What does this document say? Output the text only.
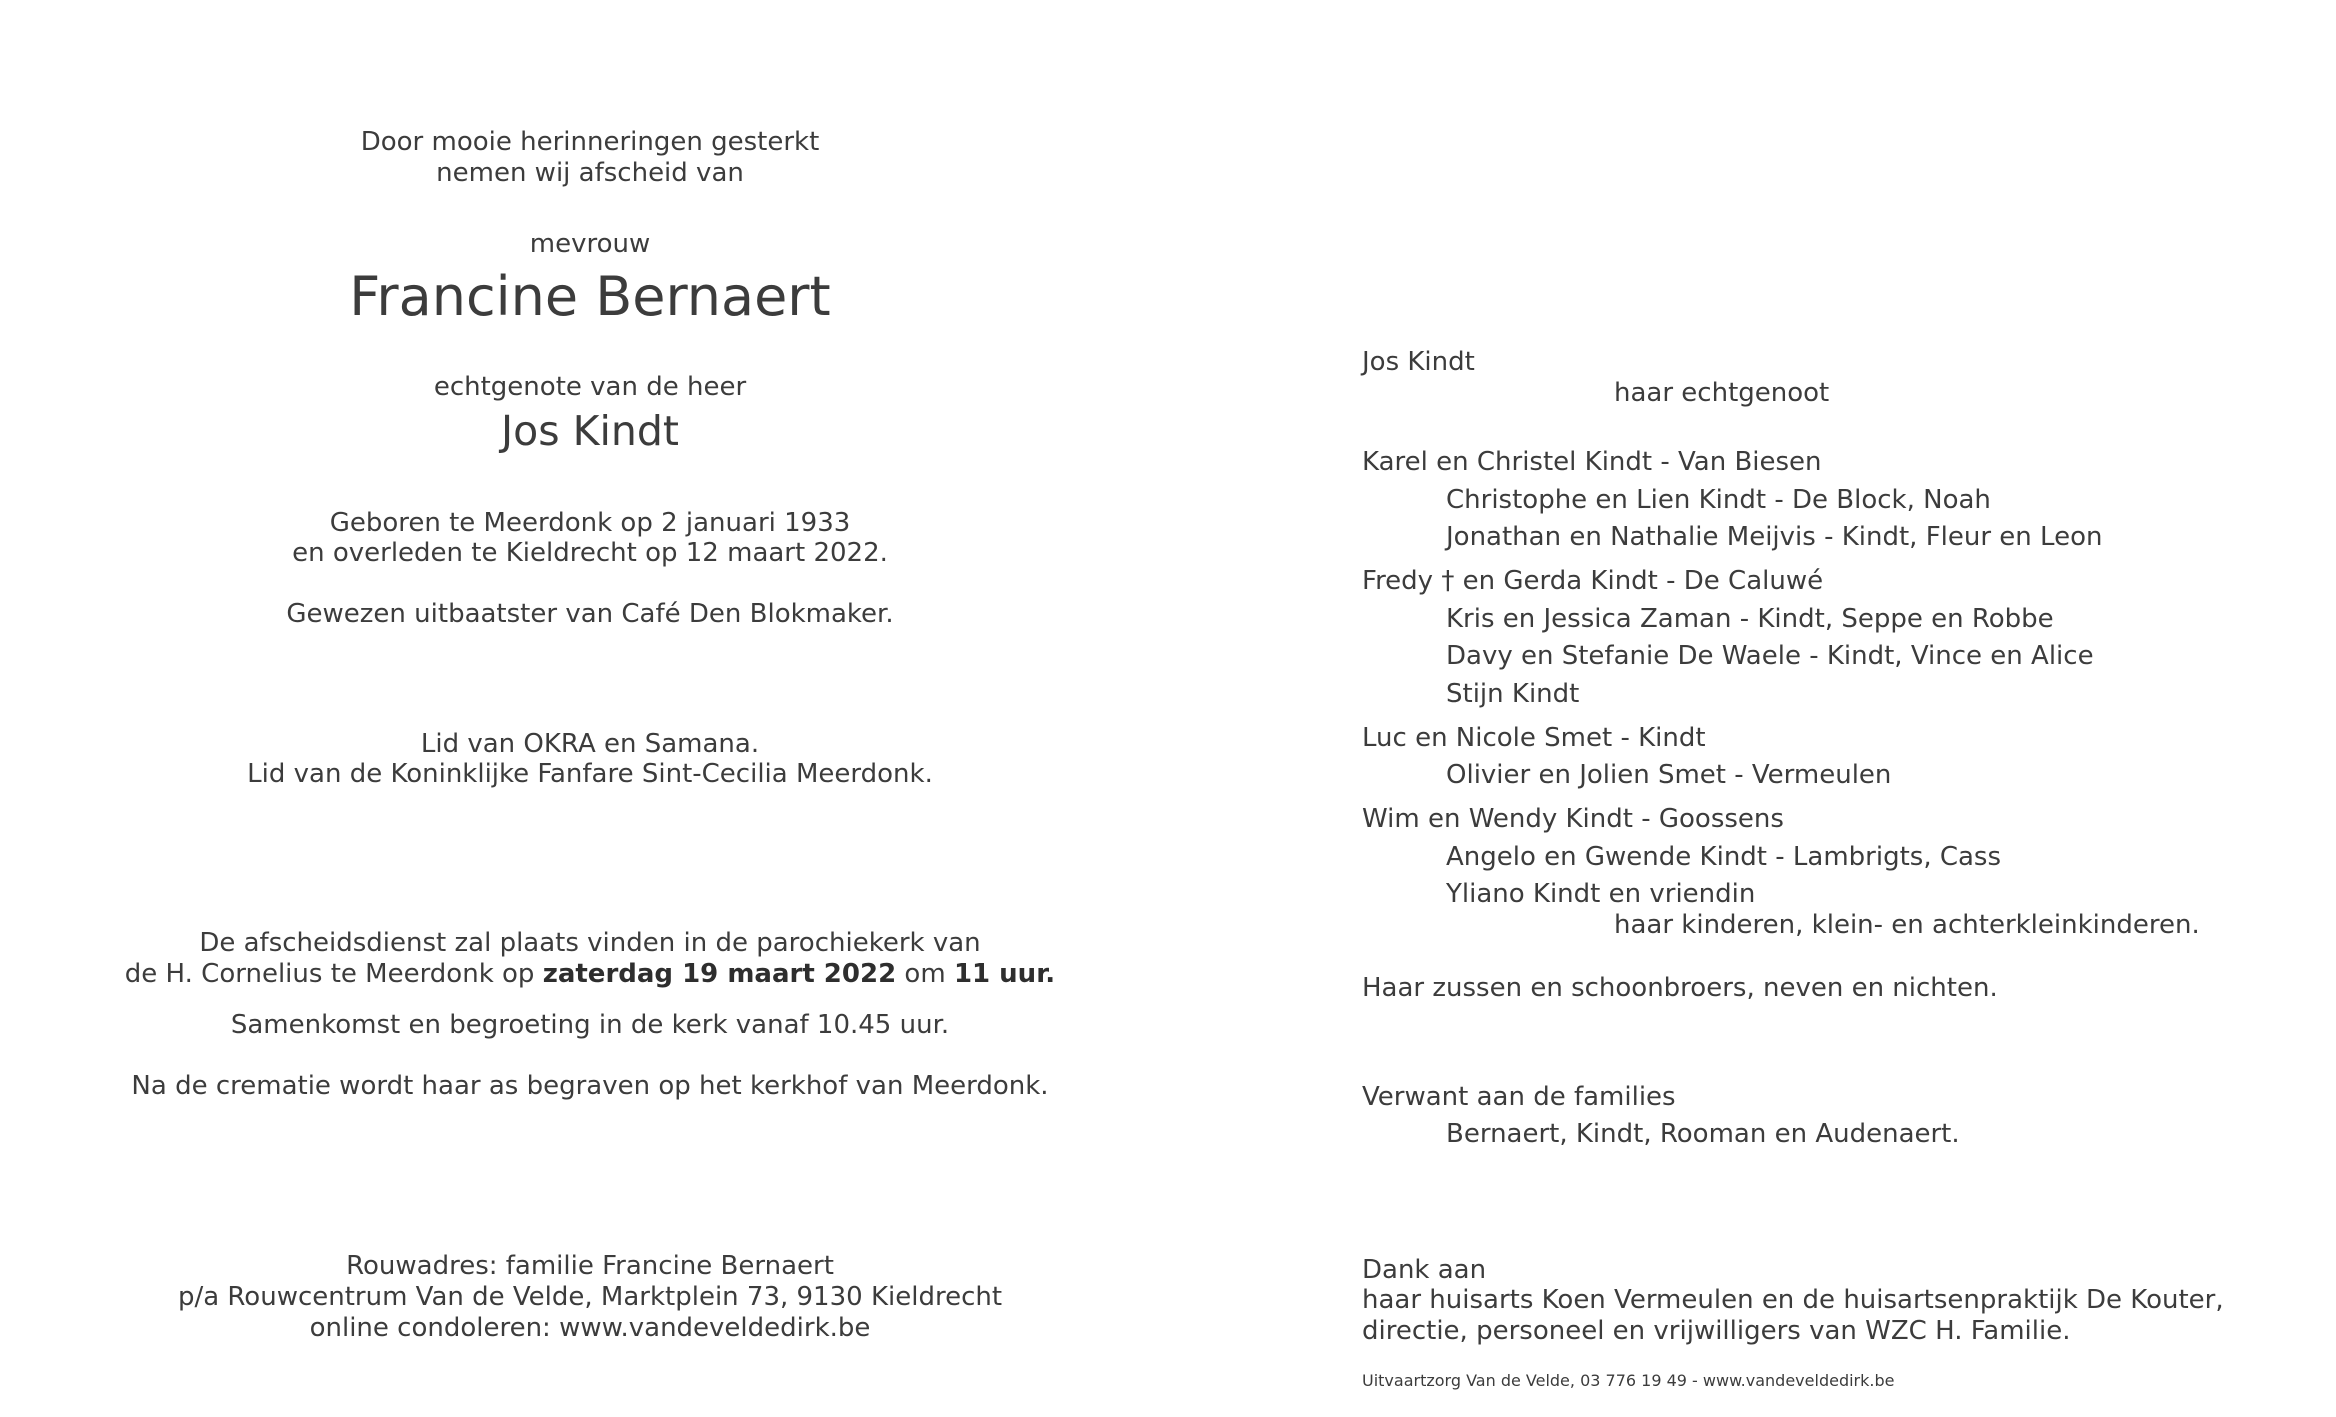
Door mooie herinneringen gesterkt
nemen wij afscheid van
mevrouw
Francine Bernaert
echtgenote van de heer
Jos Kindt
Geboren te Meerdonk op 2 januari 1933
en overleden te Kieldrecht op 12 maart 2022.
Gewezen uitbaatster van Café Den Blokmaker.
Lid van OKRA en Samana.
Lid van de Koninklijke Fanfare Sint-Cecilia Meerdonk.
De afscheidsdienst zal plaats vinden in de parochiekerk van
de H. Cornelius te Meerdonk op zaterdag 19 maart 2022 om 11 uur.
Samenkomst en begroeting in de kerk vanaf 10.45 uur.
Na de crematie wordt haar as begraven op het kerkhof van Meerdonk.
Rouwadres: familie Francine Bernaert
p/a Rouwcentrum Van de Velde, Marktplein 73, 9130 Kieldrecht
online condoleren: www.vandeveldedirk.be
Jos Kindt
haar echtgenoot
Karel en Christel Kindt - Van Biesen
Christophe en Lien Kindt - De Block, Noah
Jonathan en Nathalie Meijvis - Kindt, Fleur en Leon
Fredy † en Gerda Kindt - De Caluwé
Kris en Jessica Zaman - Kindt, Seppe en Robbe
Davy en Stefanie De Waele - Kindt, Vince en Alice
Stijn Kindt
Luc en Nicole Smet - Kindt
Olivier en Jolien Smet - Vermeulen
Wim en Wendy Kindt - Goossens
Angelo en Gwende Kindt - Lambrigts, Cass
Yliano Kindt en vriendin
haar kinderen, klein- en achterkleinkinderen.
Haar zussen en schoonbroers, neven en nichten.
Verwant aan de families
Bernaert, Kindt, Rooman en Audenaert.
Dank aan
haar huisarts Koen Vermeulen en de huisartsenpraktijk De Kouter,
directie, personeel en vrijwilligers van WZC H. Familie.
Uitvaartzorg Van de Velde, 03 776 19 49 - www.vandeveldedirk.be
